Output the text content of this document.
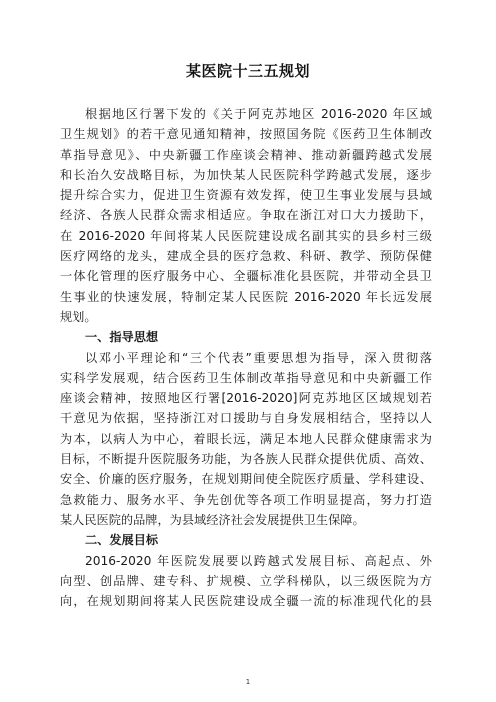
某医院十三五规划
根据地区行署下发的《关于阿克苏地区 2016-2020 年区域
卫生规划》的若干意见通知精神，按照国务院《医药卫生体制改
革指导意见》、中央新疆工作座谈会精神、推动新疆跨越式发展
和长治久安战略目标，为加快某人民医院科学跨越式发展，逐步
提升综合实力，促进卫生资源有效发挥，使卫生事业发展与县域
经济、各族人民群众需求相适应。争取在浙江对口大力援助下，
在 2016-2020 年间将某人民医院建设成名副其实的县乡村三级
医疗网络的龙头，建成全县的医疗急救、科研、教学、预防保健
一体化管理的医疗服务中心、全疆标准化县医院，并带动全县卫
生事业的快速发展，特制定某人民医院 2016-2020 年长远发展
规划。
一、指导思想
以邓小平理论和“三个代表”重要思想为指导，深入贯彻落
实科学发展观，结合医药卫生体制改革指导意见和中央新疆工作
座谈会精神，按照地区行署[2016-2020]阿克苏地区区域规划若
干意见为依据，坚持浙江对口援助与自身发展相结合，坚持以人
为本，以病人为中心，着眼长远，满足本地人民群众健康需求为
目标，不断提升医院服务功能，为各族人民群众提供优质、高效、
安全、价廉的医疗服务，在规划期间使全院医疗质量、学科建设、
急救能力、服务水平、争先创优等各项工作明显提高，努力打造
某人民医院的品牌，为县域经济社会发展提供卫生保障。
二、发展目标
2016-2020 年医院发展要以跨越式发展目标、高起点、外
向型、创品牌、建专科、扩规模、立学科梯队，以三级医院为方
向，在规划期间将某人民医院建设成全疆一流的标准现代化的县
1
